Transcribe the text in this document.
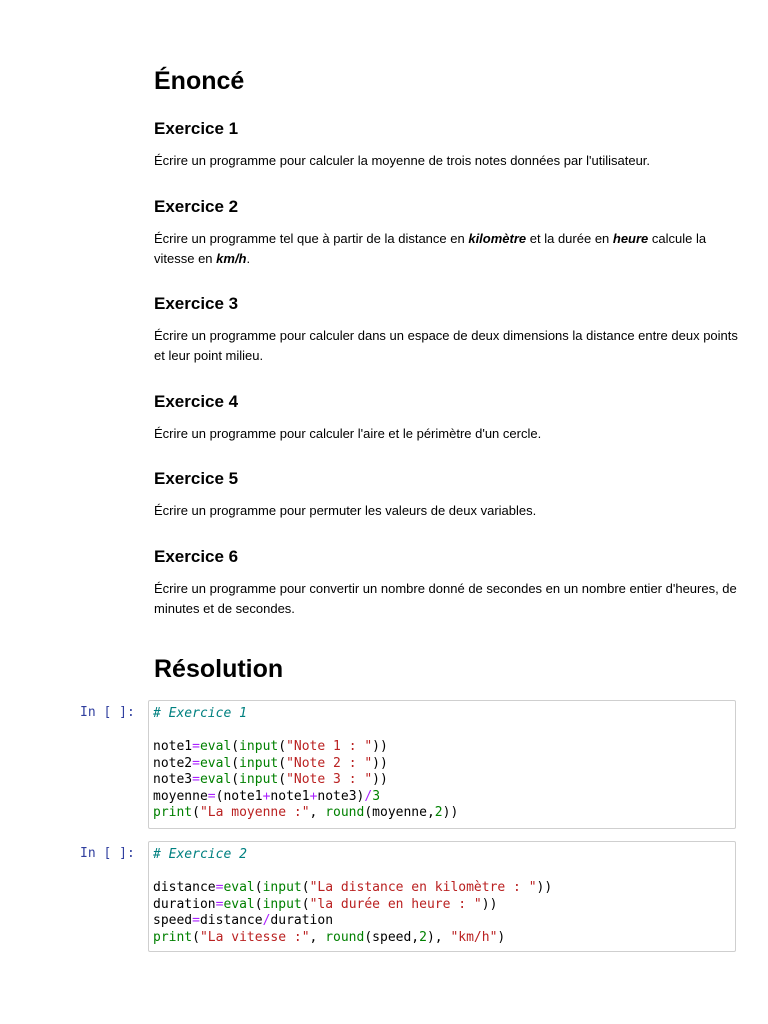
Énoncé
Exercice 1

Écrire un programme pour calculer la moyenne de trois notes données par l'utilisateur.

Exercice 2

Écrire un programme tel que à partir de la distance en kilomètre et la durée en heure calcule la vitesse en km/h.

Exercice 3

Écrire un programme pour calculer dans un espace de deux dimensions la distance entre deux points et leur point milieu.

Exercice 4

Écrire un programme pour calculer l'aire et le périmètre d'un cercle.

Exercice 5

Écrire un programme pour permuter les valeurs de deux variables.

Exercice 6

Écrire un programme pour convertir un nombre donné de secondes en un nombre entier d'heures, de minutes et de secondes.

Résolution
In [ ]:	# Exercice 1
note1=eval(input("Note 1 : "))
note2=eval(input("Note 2 : "))
note3=eval(input("Note 3 : "))
moyenne=(note1+note1+note3)/3
print("La moyenne :", round(moyenne,2))
In [ ]:	# Exercice 2
distance=eval(input("La distance en kilomètre : "))
duration=eval(input("la durée en heure : "))
speed=distance/duration
print("La vitesse :", round(speed,2), "km/h")
